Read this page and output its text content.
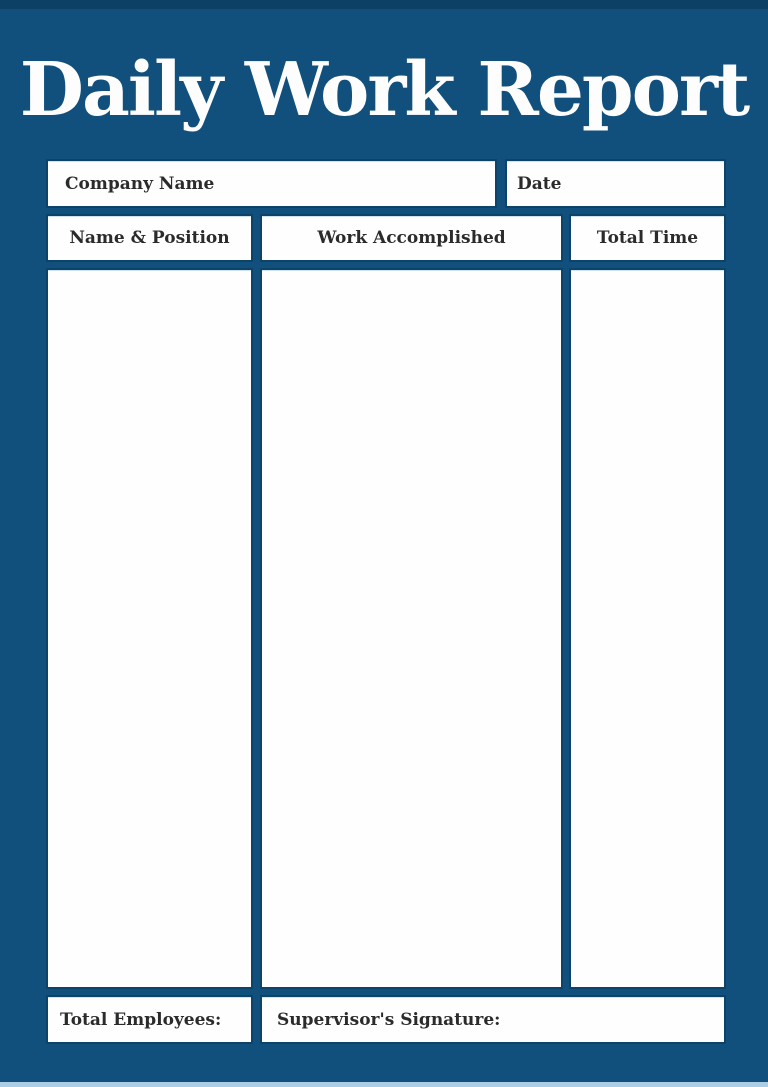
Daily Work Report
Company Name	Date
Name & Position	Work Accomplished	Total Time
Total Employees:	Supervisor's Signature:
